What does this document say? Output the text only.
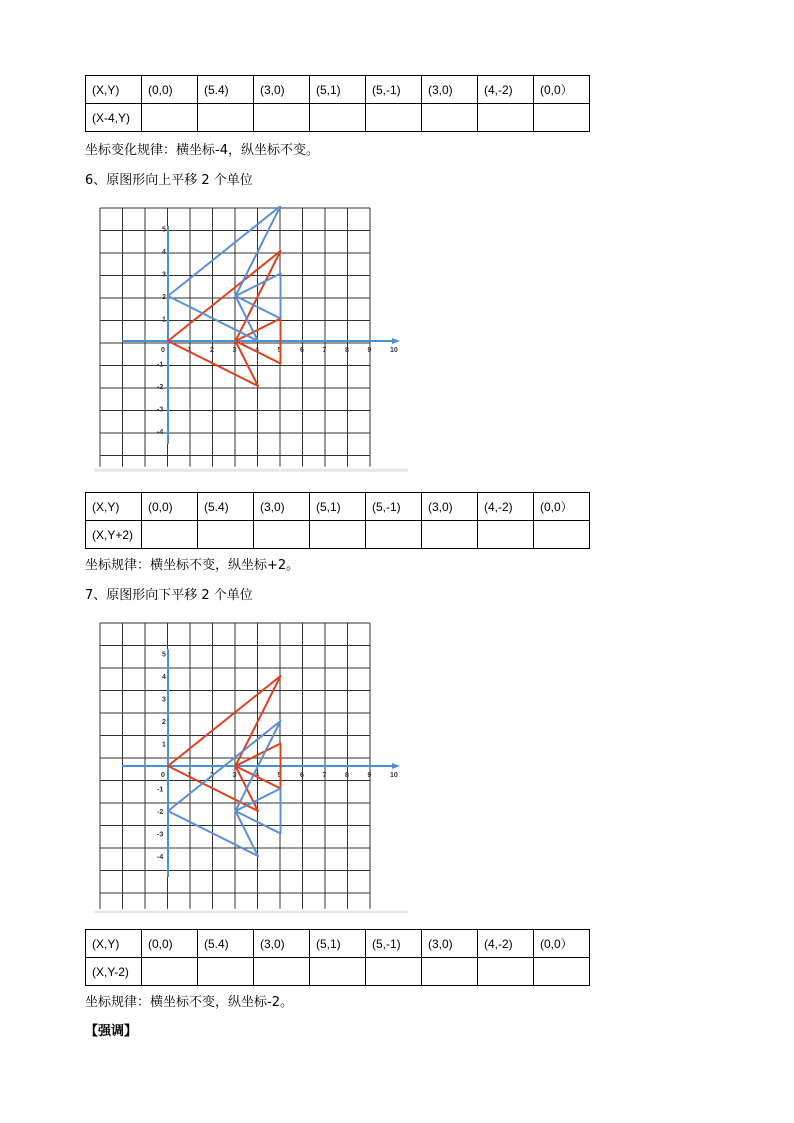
(X,Y)	(0,0)	(5.4)	(3,0)	(5,1)	(5,-1)	(3,0)	(4,-2)	(0,0）
(X-4,Y)								
坐标变化规律：横坐标-4，纵坐标不变。
6、原图形向上平移 2 个单位
0	1	2	3	4	5	6	7	8	9	10
5
4
3
2
1
-1
-2
-3
-4
(X,Y)	(0,0)	(5.4)	(3,0)	(5,1)	(5,-1)	(3,0)	(4,-2)	(0,0）
(X,Y+2)								
坐标规律：横坐标不变，纵坐标+2。
7、原图形向下平移 2 个单位
0	1	2	3	4	5	6	7	8	9	10
5
4
3
2
1
-1
-2
-3
-4
(X,Y)	(0,0)	(5.4)	(3,0)	(5,1)	(5,-1)	(3,0)	(4,-2)	(0,0）
(X,Y-2)								
坐标规律：横坐标不变，纵坐标-2。
【强调】
